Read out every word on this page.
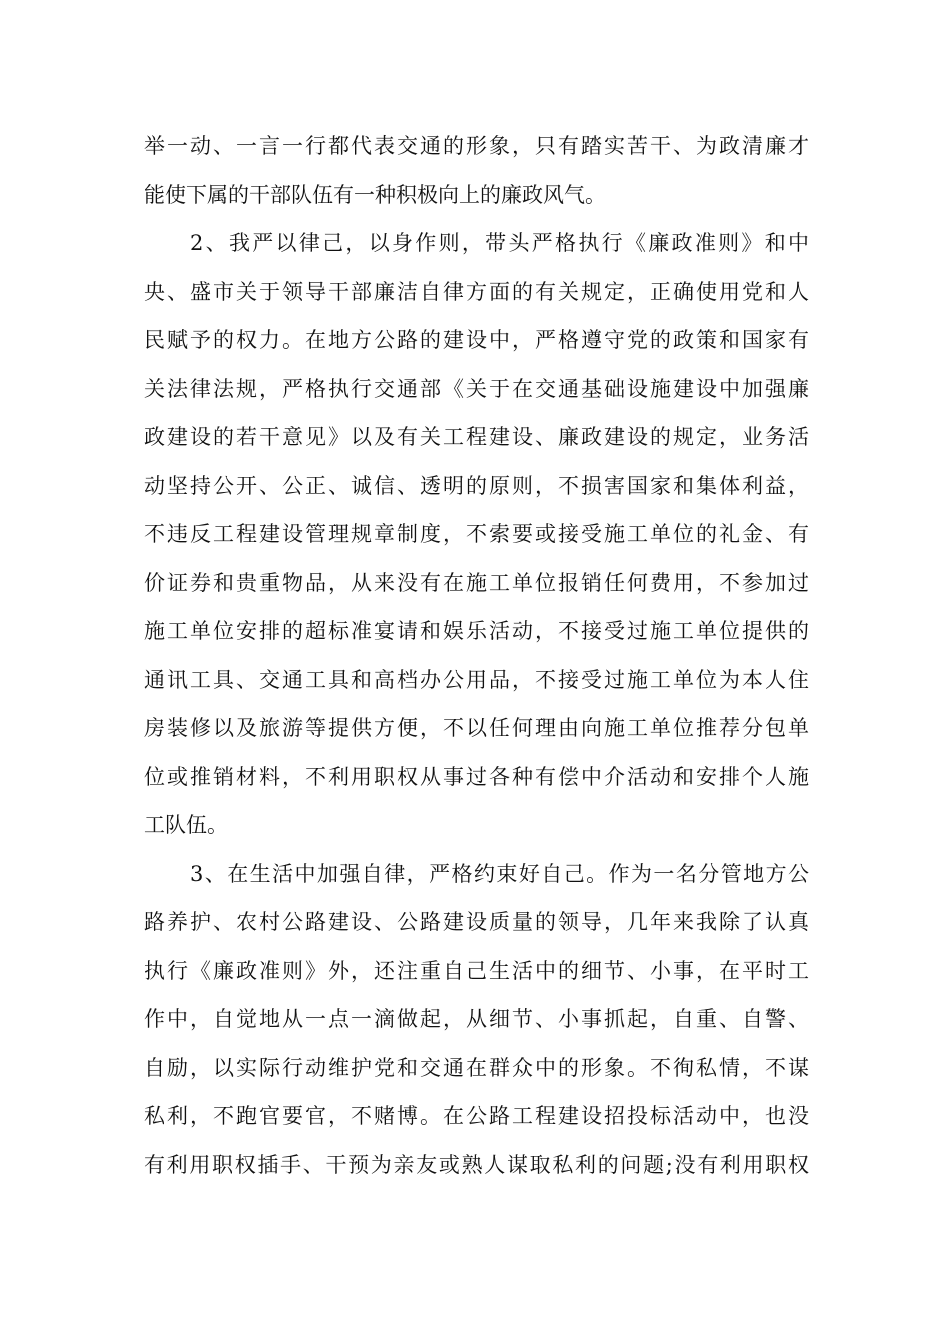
举一动、一言一行都代表交通的形象，只有踏实苦干、为政清廉才
能使下属的干部队伍有一种积极向上的廉政风气。
2、我严以律己，以身作则，带头严格执行《廉政准则》和中
央、盛市关于领导干部廉洁自律方面的有关规定，正确使用党和人
民赋予的权力。在地方公路的建设中，严格遵守党的政策和国家有
关法律法规，严格执行交通部《关于在交通基础设施建设中加强廉
政建设的若干意见》以及有关工程建设、廉政建设的规定，业务活
动坚持公开、公正、诚信、透明的原则，不损害国家和集体利益，
不违反工程建设管理规章制度，不索要或接受施工单位的礼金、有
价证券和贵重物品，从来没有在施工单位报销任何费用，不参加过
施工单位安排的超标准宴请和娱乐活动，不接受过施工单位提供的
通讯工具、交通工具和高档办公用品，不接受过施工单位为本人住
房装修以及旅游等提供方便，不以任何理由向施工单位推荐分包单
位或推销材料，不利用职权从事过各种有偿中介活动和安排个人施
工队伍。
3、在生活中加强自律，严格约束好自己。作为一名分管地方公
路养护、农村公路建设、公路建设质量的领导，几年来我除了认真
执行《廉政准则》外，还注重自己生活中的细节、小事，在平时工
作中，自觉地从一点一滴做起，从细节、小事抓起，自重、自警、
自励，以实际行动维护党和交通在群众中的形象。不徇私情，不谋
私利，不跑官要官，不赌博。在公路工程建设招投标活动中，也没
有利用职权插手、干预为亲友或熟人谋取私利的问题;没有利用职权
